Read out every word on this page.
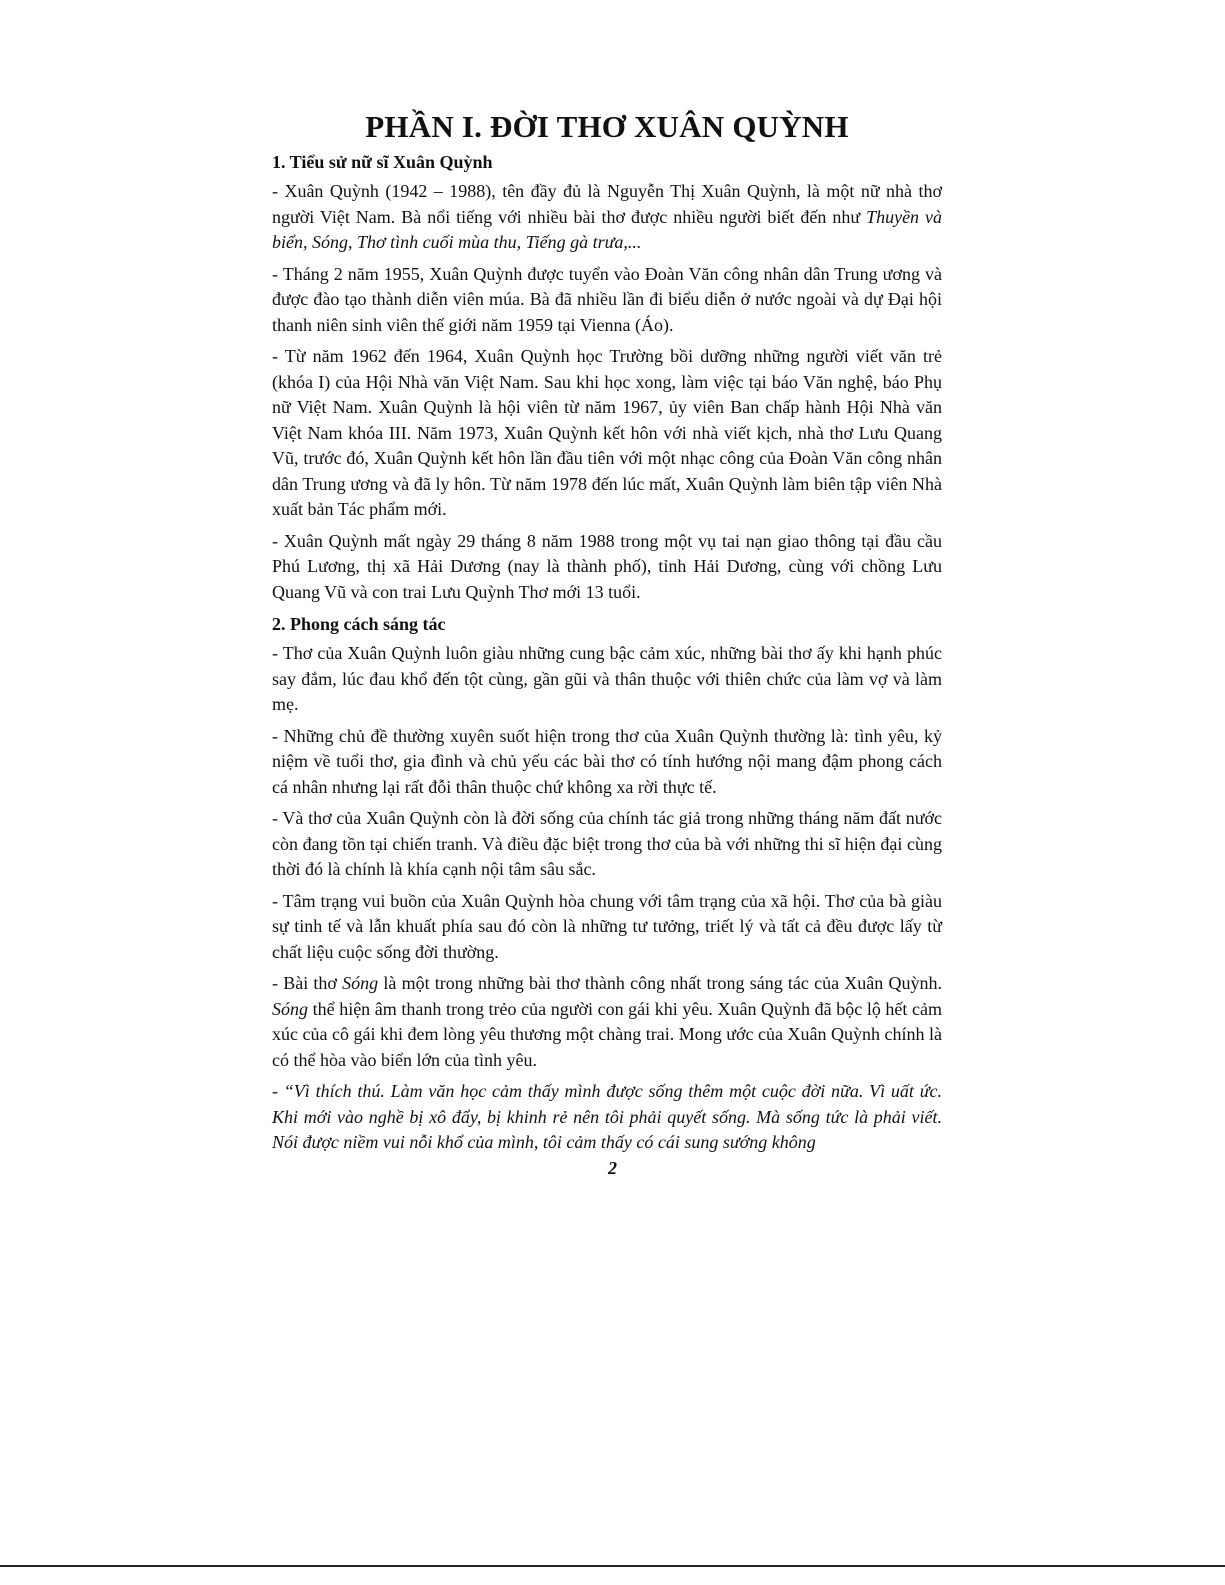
PHẦN I. ĐỜI THƠ XUÂN QUỲNH
1. Tiểu sử nữ sĩ Xuân Quỳnh

- Xuân Quỳnh (1942 – 1988), tên đầy đủ là Nguyễn Thị Xuân Quỳnh, là một nữ nhà thơ người Việt Nam. Bà nổi tiếng với nhiều bài thơ được nhiều người biết đến như Thuyền và biển, Sóng, Thơ tình cuối mùa thu, Tiếng gà trưa,...

- Tháng 2 năm 1955, Xuân Quỳnh được tuyển vào Đoàn Văn công nhân dân Trung ương và được đào tạo thành diễn viên múa. Bà đã nhiều lần đi biểu diễn ở nước ngoài và dự Đại hội thanh niên sinh viên thế giới năm 1959 tại Vienna (Áo).

- Từ năm 1962 đến 1964, Xuân Quỳnh học Trường bồi dưỡng những người viết văn trẻ (khóa I) của Hội Nhà văn Việt Nam. Sau khi học xong, làm việc tại báo Văn nghệ, báo Phụ nữ Việt Nam. Xuân Quỳnh là hội viên từ năm 1967, ủy viên Ban chấp hành Hội Nhà văn Việt Nam khóa III. Năm 1973, Xuân Quỳnh kết hôn với nhà viết kịch, nhà thơ Lưu Quang Vũ, trước đó, Xuân Quỳnh kết hôn lần đầu tiên với một nhạc công của Đoàn Văn công nhân dân Trung ương và đã ly hôn. Từ năm 1978 đến lúc mất, Xuân Quỳnh làm biên tập viên Nhà xuất bản Tác phẩm mới.

- Xuân Quỳnh mất ngày 29 tháng 8 năm 1988 trong một vụ tai nạn giao thông tại đầu cầu Phú Lương, thị xã Hải Dương (nay là thành phố), tỉnh Hải Dương, cùng với chồng Lưu Quang Vũ và con trai Lưu Quỳnh Thơ mới 13 tuổi.

2. Phong cách sáng tác

- Thơ của Xuân Quỳnh luôn giàu những cung bậc cảm xúc, những bài thơ ấy khi hạnh phúc say đắm, lúc đau khổ đến tột cùng, gần gũi và thân thuộc với thiên chức của làm vợ và làm mẹ.

- Những chủ đề thường xuyên suốt hiện trong thơ của Xuân Quỳnh thường là: tình yêu, kỷ niệm về tuổi thơ, gia đình và chủ yếu các bài thơ có tính hướng nội mang đậm phong cách cá nhân nhưng lại rất đỗi thân thuộc chứ không xa rời thực tế.

- Và thơ của Xuân Quỳnh còn là đời sống của chính tác giả trong những tháng năm đất nước còn đang tồn tại chiến tranh. Và điều đặc biệt trong thơ của bà với những thi sĩ hiện đại cùng thời đó là chính là khía cạnh nội tâm sâu sắc.

- Tâm trạng vui buồn của Xuân Quỳnh hòa chung với tâm trạng của xã hội. Thơ của bà giàu sự tinh tế và lẫn khuất phía sau đó còn là những tư tưởng, triết lý và tất cả đều được lấy từ chất liệu cuộc sống đời thường.

- Bài thơ Sóng là một trong những bài thơ thành công nhất trong sáng tác của Xuân Quỳnh. Sóng thể hiện âm thanh trong trẻo của người con gái khi yêu. Xuân Quỳnh đã bộc lộ hết cảm xúc của cô gái khi đem lòng yêu thương một chàng trai. Mong ước của Xuân Quỳnh chính là có thể hòa vào biển lớn của tình yêu.

- “Vì thích thú. Làm văn học cảm thấy mình được sống thêm một cuộc đời nữa. Vì uất ức. Khi mới vào nghề bị xô đẩy, bị khinh rẻ nên tôi phải quyết sống. Mà sống tức là phải viết. Nói được niềm vui nỗi khổ của mình, tôi cảm thấy có cái sung sướng không

2
